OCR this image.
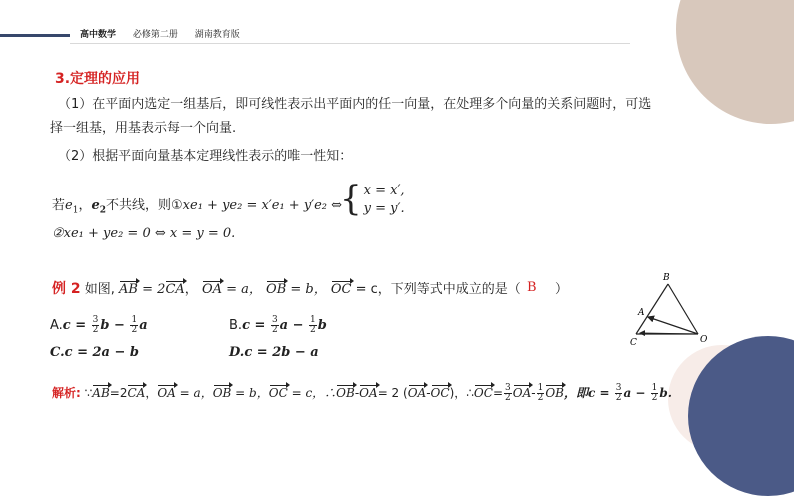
高中数学 必修第二册 湖南教育版
3.定理的应用
（1）在平面内选定一组基后，即可线性表示出平面内的任一向量，在处理多个向量的关系问题时，可选
择一组基，用基表示每一个向量.
（2）根据平面向量基本定理线性表示的唯一性知：
若$e_1$，$e_2$不共线，则①xe₁ + ye₂ = x′e₁ + y′e₂ ⇔
{ x = x′,
y = y′.
②xe₁ + ye₂ = 0 ⇔ x = y = 0.
例 2 如图, AB = 2CA， OA = a， OB = b， OC = c，下列等式中成立的是（	）
B
$A.c = \frac{3}{2}$ $b - \frac{1}{2}$ a	$B.c = \frac{3}{2}$ $a - \frac{1}{2}$ b
C.c = 2a − b	D.c = 2b − a
解析: ∵AB=2CA，OA = a，OB = b，OC = c，∴OB-OA= 2 (OA-OC)，∴OC= $\frac{3}{2} OA- \frac{1}{2}$ OB，即$c = \frac{3}{2}$ $a - \frac{1}{2} b$.
B
A
C	O
